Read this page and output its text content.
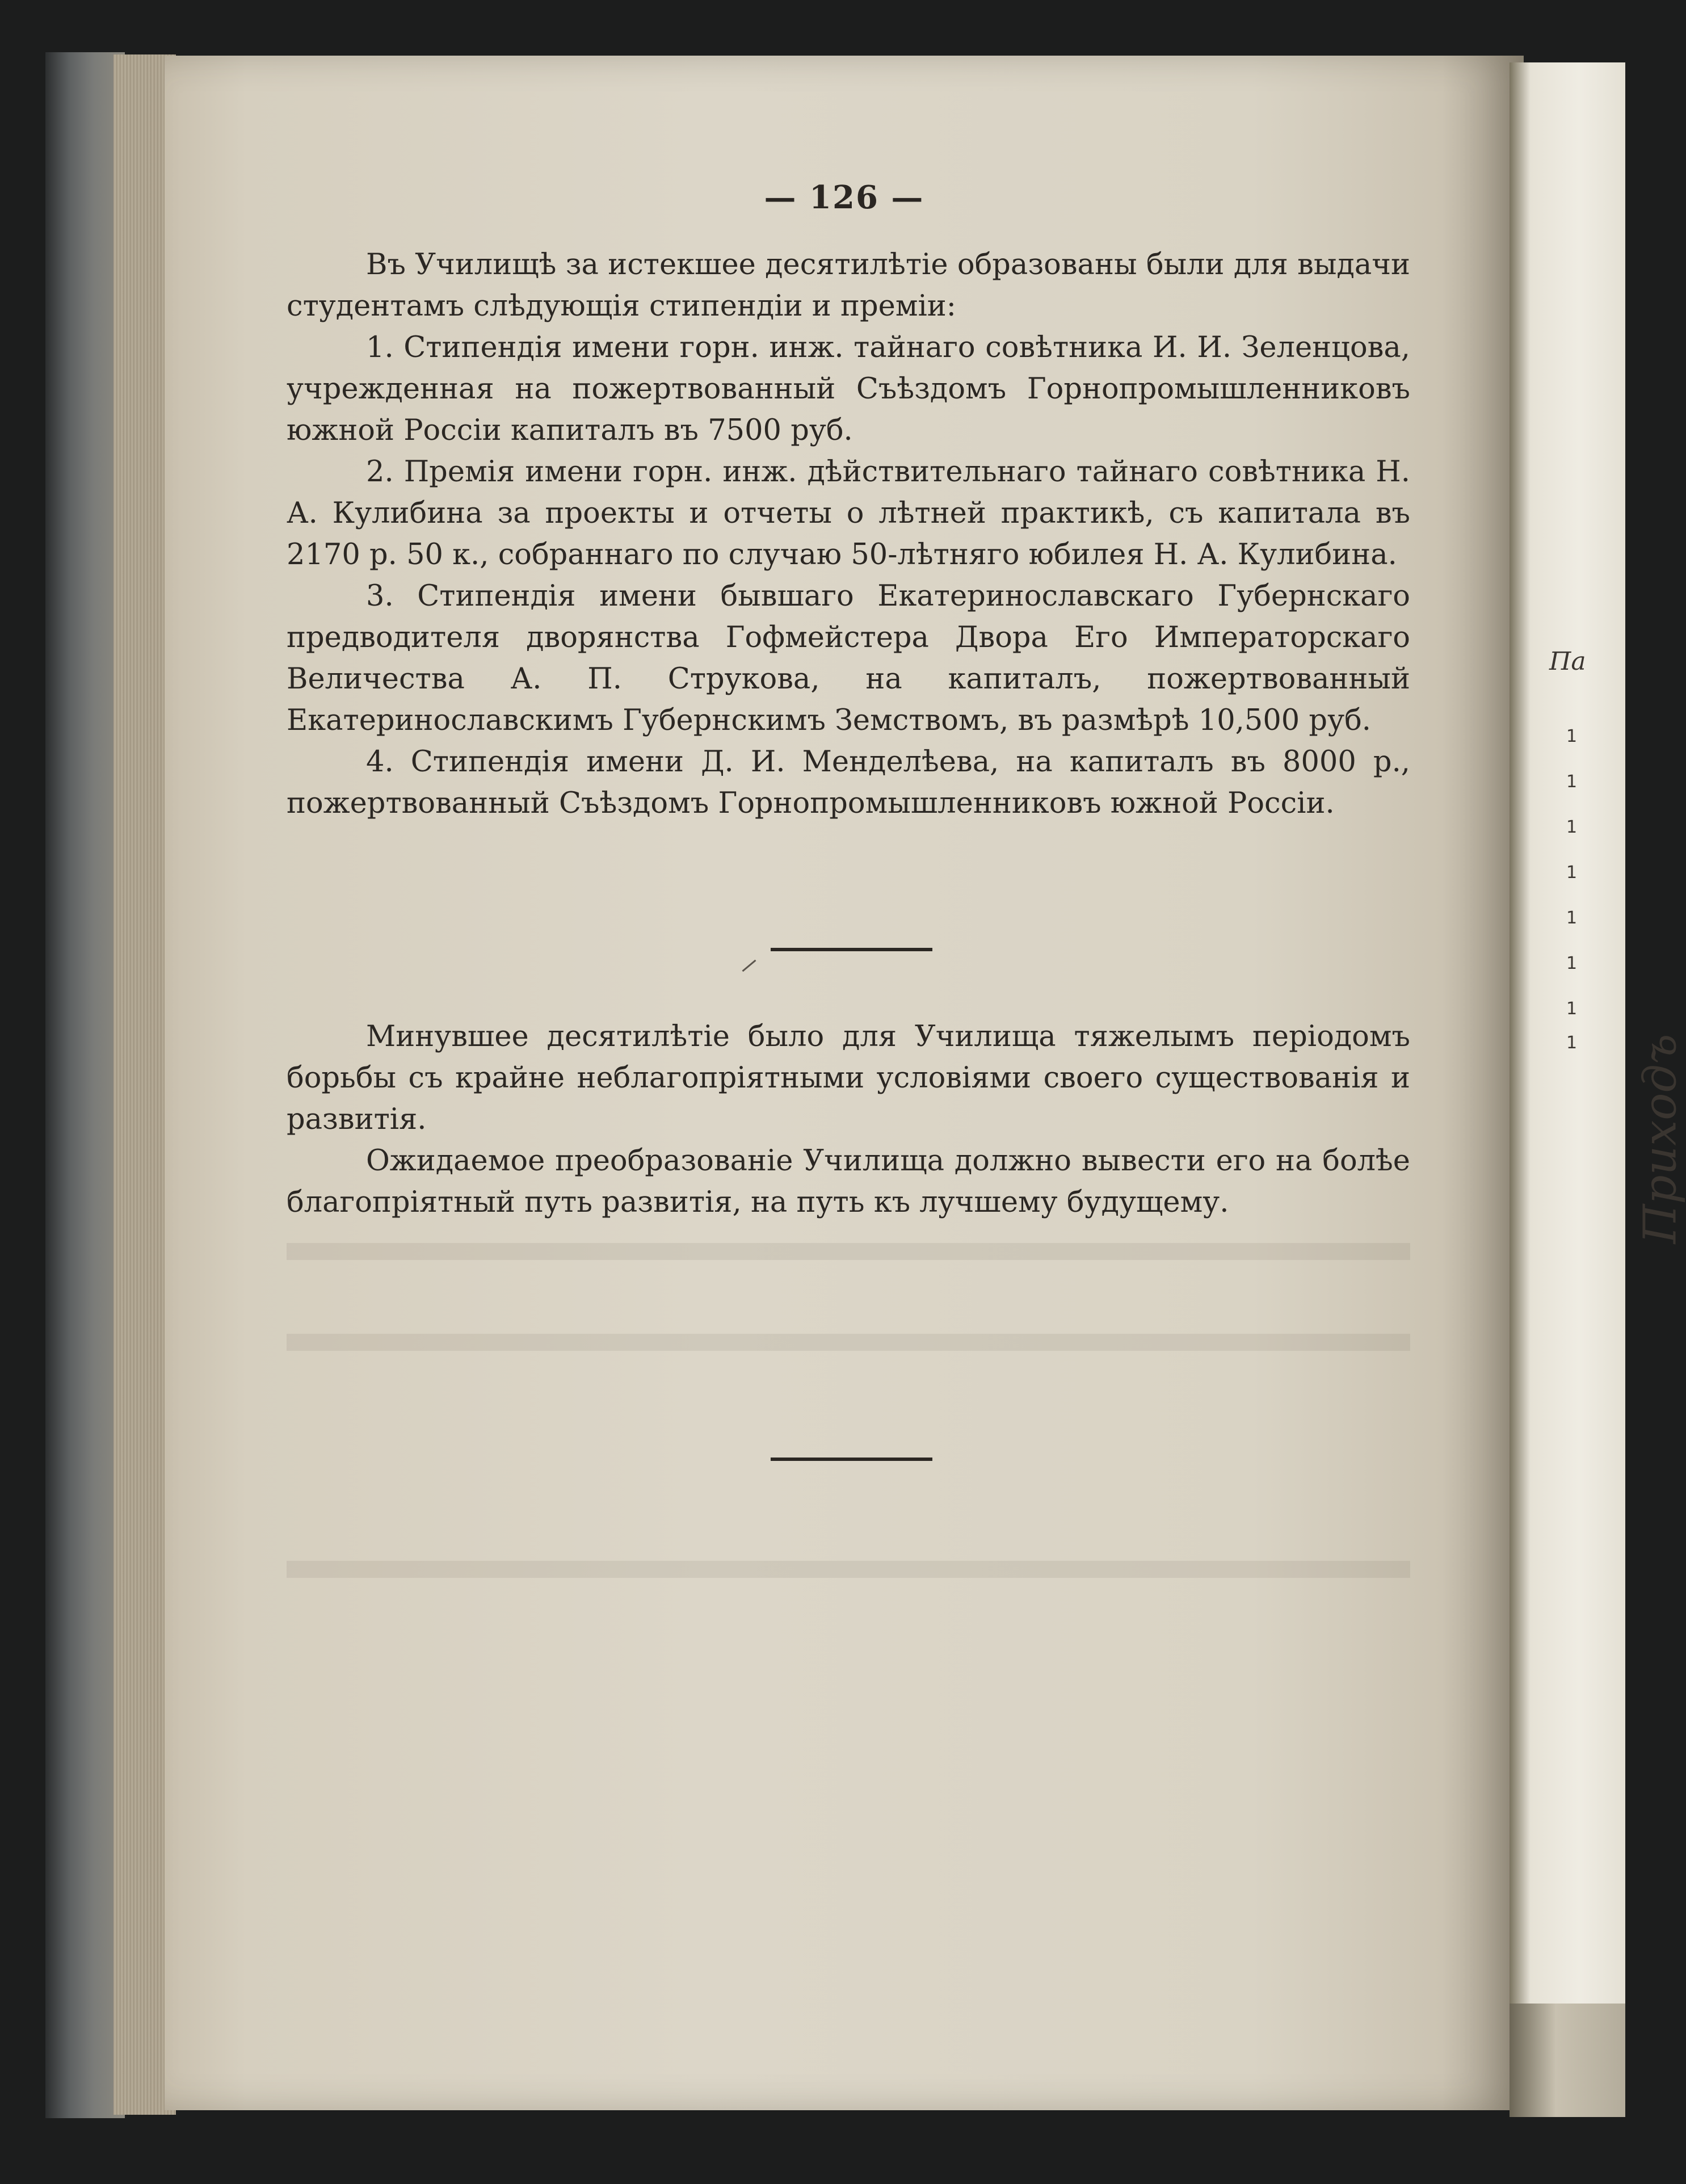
Па
1
1
1
1
1
1
1
1 Приходъ
— 126 —

Въ Училищѣ за истекшее десятилѣтіе образованы были для выдачи студентамъ слѣдующія стипендіи и преміи:

1. Стипендія имени горн. инж. тайнаго совѣтника И. И. Зеленцова, учрежденная на пожертвованный Съѣздомъ Горнопромышленниковъ южной Россіи капиталъ въ 7500 руб.

2. Премія имени горн. инж. дѣйствительнаго тайнаго совѣтника Н. А. Кулибина за проекты и отчеты о лѣтней практикѣ, съ капитала въ 2170 р. 50 к., собраннаго по случаю 50-лѣтняго юбилея Н. А. Кулибина.

3. Стипендія имени бывшаго Екатеринославскаго Губернскаго предводителя дворянства Гофмейстера Двора Его Императорскаго Величества А. П. Струкова, на капиталъ, пожертвованный Екатеринославскимъ Губернскимъ Земствомъ, въ размѣрѣ 10,500 руб.

4. Стипендія имени Д. И. Менделѣева, на капиталъ въ 8000 р., пожертвованный Съѣздомъ Горнопромышленниковъ южной Россіи.

Минувшее десятилѣтіе было для Училища тяжелымъ періодомъ борьбы съ крайне неблагопріятными условіями своего существованія и развитія.

Ожидаемое преобразованіе Училища должно вывести его на болѣе благопріятный путь развитія, на путь къ лучшему будущему.
